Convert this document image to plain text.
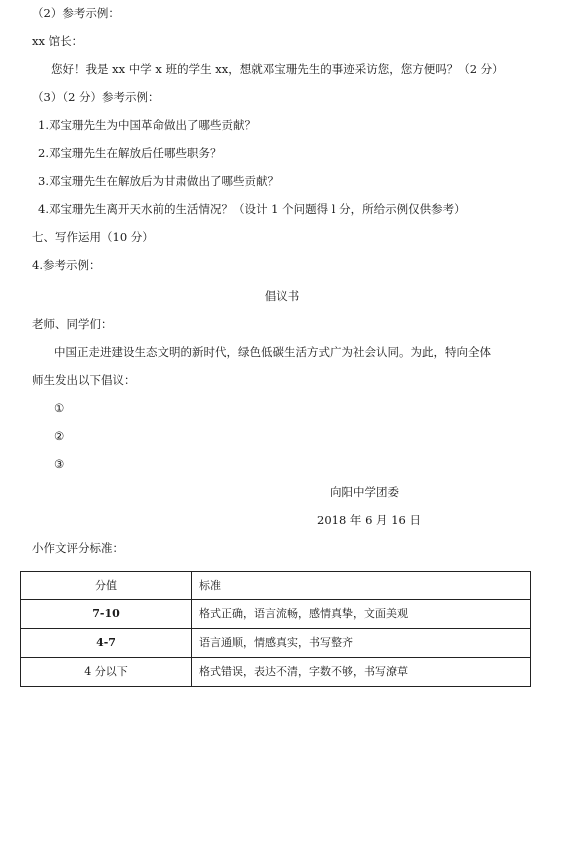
（2）参考示例：
xx 馆长：
您好！我是 xx 中学 x 班的学生 xx，想就邓宝珊先生的事迹采访您，您方便吗？（2 分）
（3）（2 分）参考示例：
1.邓宝珊先生为中国革命做出了哪些贡献？
2.邓宝珊先生在解放后任哪些职务？
3.邓宝珊先生在解放后为甘肃做出了哪些贡献？
4.邓宝珊先生离开天水前的生活情况？（设计 1 个问题得 l 分，所给示例仅供参考）
七、写作运用（10 分）
4.参考示例：
倡议书
老师、同学们：
中国正走进建设生态文明的新时代，绿色低碳生活方式广为社会认同。为此，特向全体
师生发出以下倡议：
①
②
③
向阳中学团委
2018 年 6 月 16 日
小作文评分标准：
分值	标准
7-10	格式正确，语言流畅，感情真挚，文面美观
4-7	语言通顺，情感真实，书写整齐
4 分以下	格式错误，表达不清，字数不够，书写潦草
